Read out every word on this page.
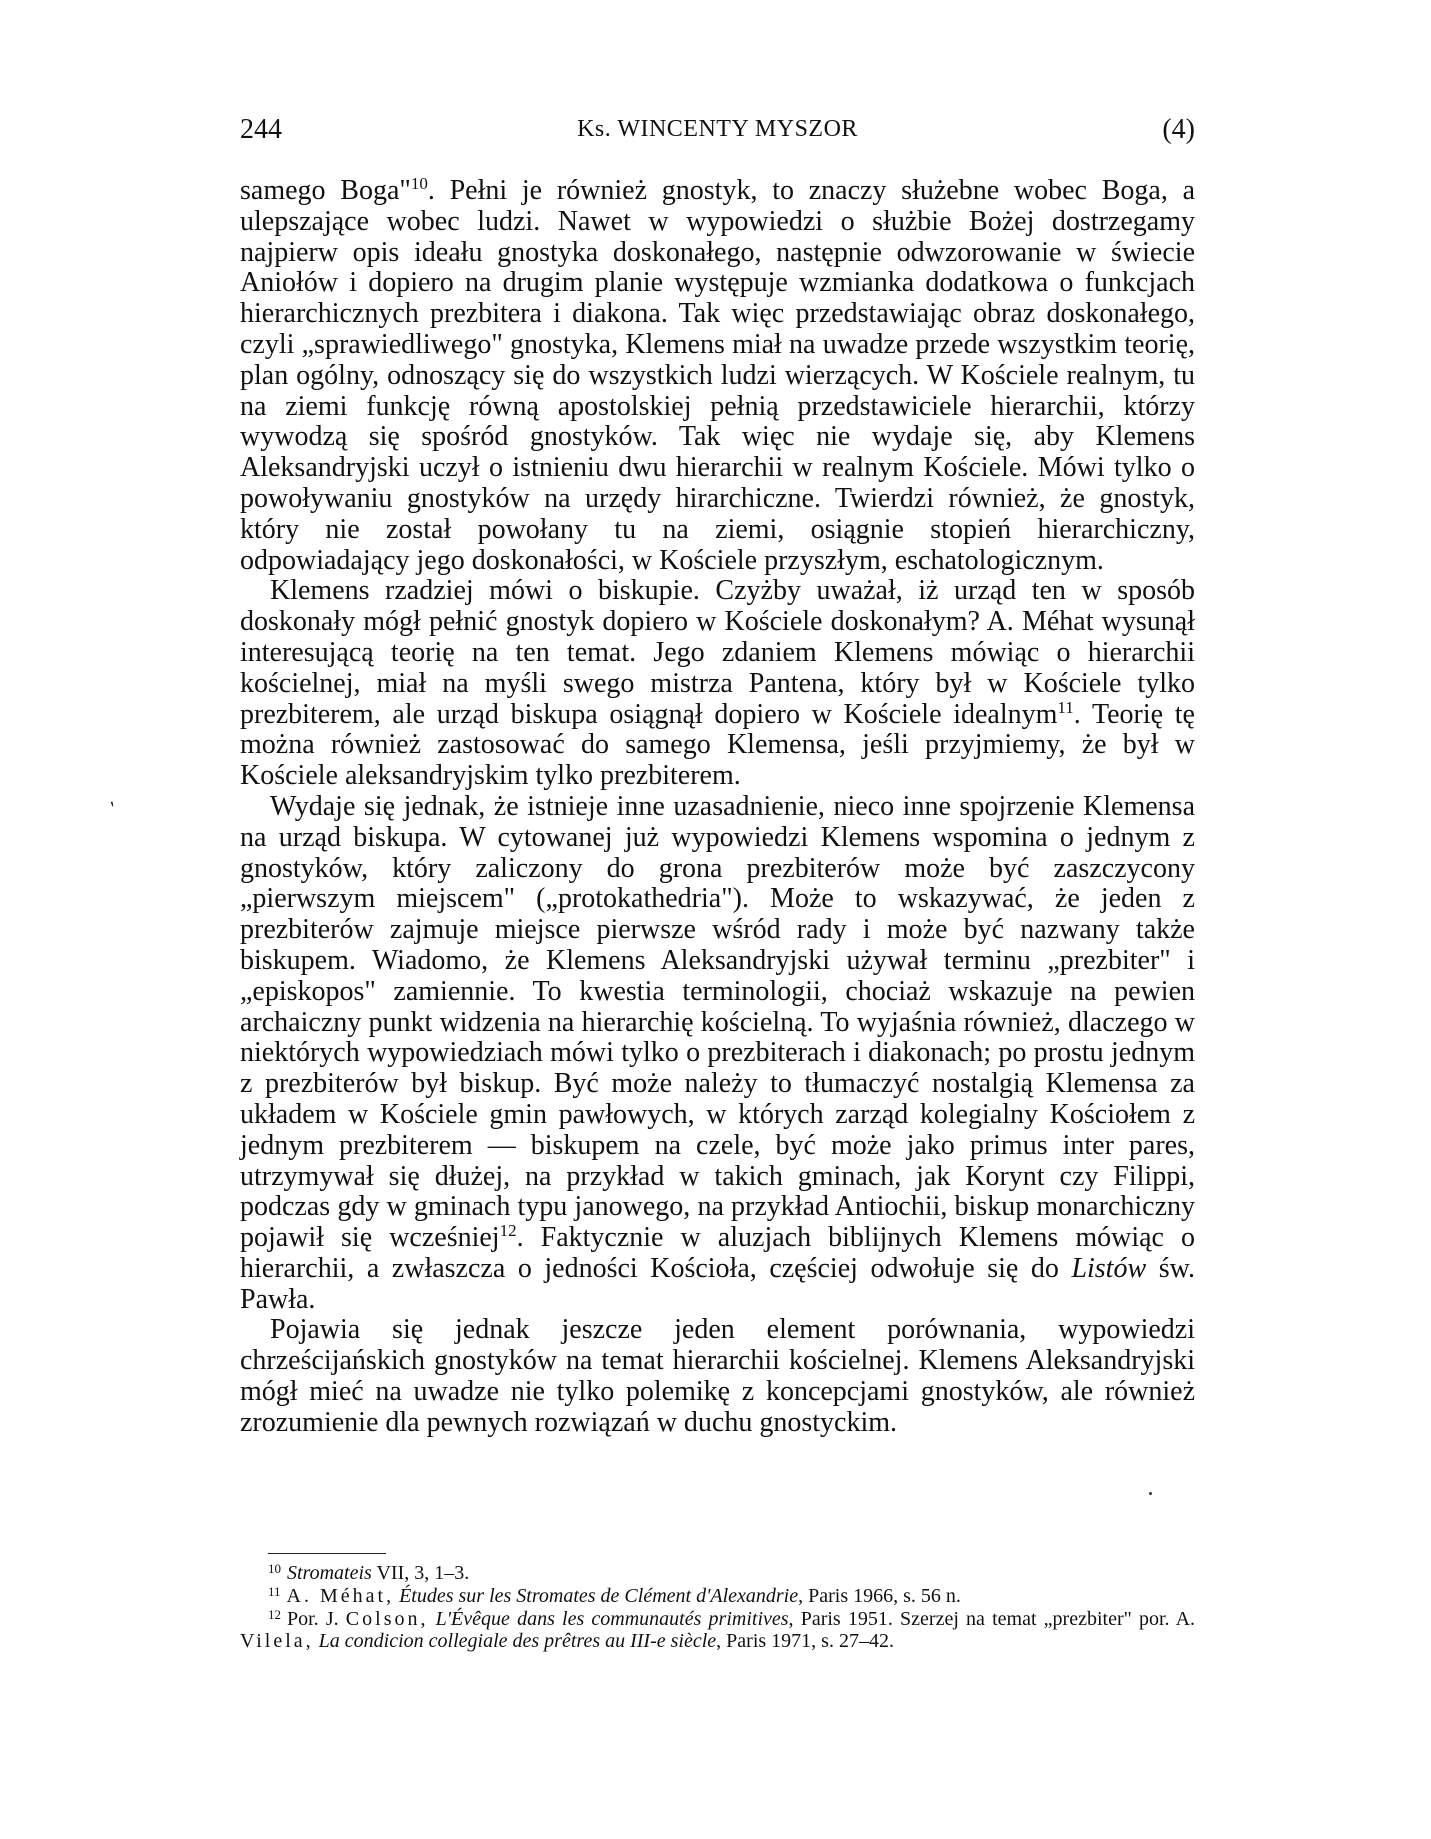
244	Ks. WINCENTY MYSZOR	(4)

samego Boga"$^{10}$. Pełni je również gnostyk, to znaczy służebne wobec Boga, a ulepszające wobec ludzi. Nawet w wypowiedzi o służbie Bożej dostrzegamy najpierw opis ideału gnostyka doskonałego, następnie odwzorowanie w świecie Aniołów i dopiero na drugim planie występuje wzmianka dodatkowa o funkcjach hierarchicznych prezbitera i diakona. Tak więc przedstawiając obraz doskonałego, czyli „sprawiedliwego" gnostyka, Klemens miał na uwadze przede wszystkim teorię, plan ogólny, odnoszący się do wszystkich ludzi wierzących. W Kościele realnym, tu na ziemi funkcję równą apostolskiej pełnią przedstawiciele hierarchii, którzy wywodzą się spośród gnostyków. Tak więc nie wydaje się, aby Klemens Aleksandryjski uczył o istnieniu dwu hierarchii w realnym Kościele. Mówi tylko o powoływaniu gnostyków na urzędy hirarchiczne. Twierdzi również, że gnostyk, który nie został powołany tu na ziemi, osiągnie stopień hierarchiczny, odpowiadający jego doskonałości, w Kościele przyszłym, eschatologicznym.

Klemens rzadziej mówi o biskupie. Czyżby uważał, iż urząd ten w sposób doskonały mógł pełnić gnostyk dopiero w Kościele doskonałym? A. Méhat wysunął interesującą teorię na ten temat. Jego zdaniem Klemens mówiąc o hierarchii kościelnej, miał na myśli swego mistrza Pantena, który był w Kościele tylko prezbiterem, ale urząd biskupa osiągnął dopiero w Kościele idealnym$^{11}$. Teorię tę można również zastosować do samego Klemensa, jeśli przyjmiemy, że był w Kościele aleksandryjskim tylko prezbiterem.

Wydaje się jednak, że istnieje inne uzasadnienie, nieco inne spojrzenie Klemensa na urząd biskupa. W cytowanej już wypowiedzi Klemens wspomina o jednym z gnostyków, który zaliczony do grona prezbiterów może być zaszczycony „pierwszym miejscem" („protokathedria"). Może to wskazywać, że jeden z prezbiterów zajmuje miejsce pierwsze wśród rady i może być nazwany także biskupem. Wiadomo, że Klemens Aleksandryjski używał terminu „prezbiter" i „episkopos" zamiennie. To kwestia terminologii, chociaż wskazuje na pewien archaiczny punkt widzenia na hierarchię kościelną. To wyjaśnia również, dlaczego w niektórych wypowiedziach mówi tylko o prezbiterach i diakonach; po prostu jednym z prezbiterów był biskup. Być może należy to tłumaczyć nostalgią Klemensa za układem w Kościele gmin pawłowych, w których zarząd kolegialny Kościołem z jednym prezbiterem — biskupem na czele, być może jako primus inter pares, utrzymywał się dłużej, na przykład w takich gminach, jak Korynt czy Filippi, podczas gdy w gminach typu janowego, na przykład Antiochii, biskup monarchiczny pojawił się wcześniej$^{12}$. Faktycznie w aluzjach biblijnych Klemens mówiąc o hierarchii, a zwłaszcza o jedności Kościoła, częściej odwołuje się do Listów św. Pawła.

Pojawia się jednak jeszcze jeden element porównania, wypowiedzi chrześcijańskich gnostyków na temat hierarchii kościelnej. Klemens Aleksandryjski mógł mieć na uwadze nie tylko polemikę z koncepcjami gnostyków, ale również zrozumienie dla pewnych rozwiązań w duchu gnostyckim.

$^{10}$ Stromateis VII, 3, 1–3.

$^{11}$ A. Méhat, Études sur les Stromates de Clément d'Alexandrie, Paris 1966, s. 56 n.

$^{12}$ Por. J. Colson, L'Évêque dans les communautés primitives, Paris 1951. Szerzej na temat „prezbiter" por. A. Vilela, La condicion collegiale des prêtres au III-e siècle, Paris 1971, s. 27–42.

′
